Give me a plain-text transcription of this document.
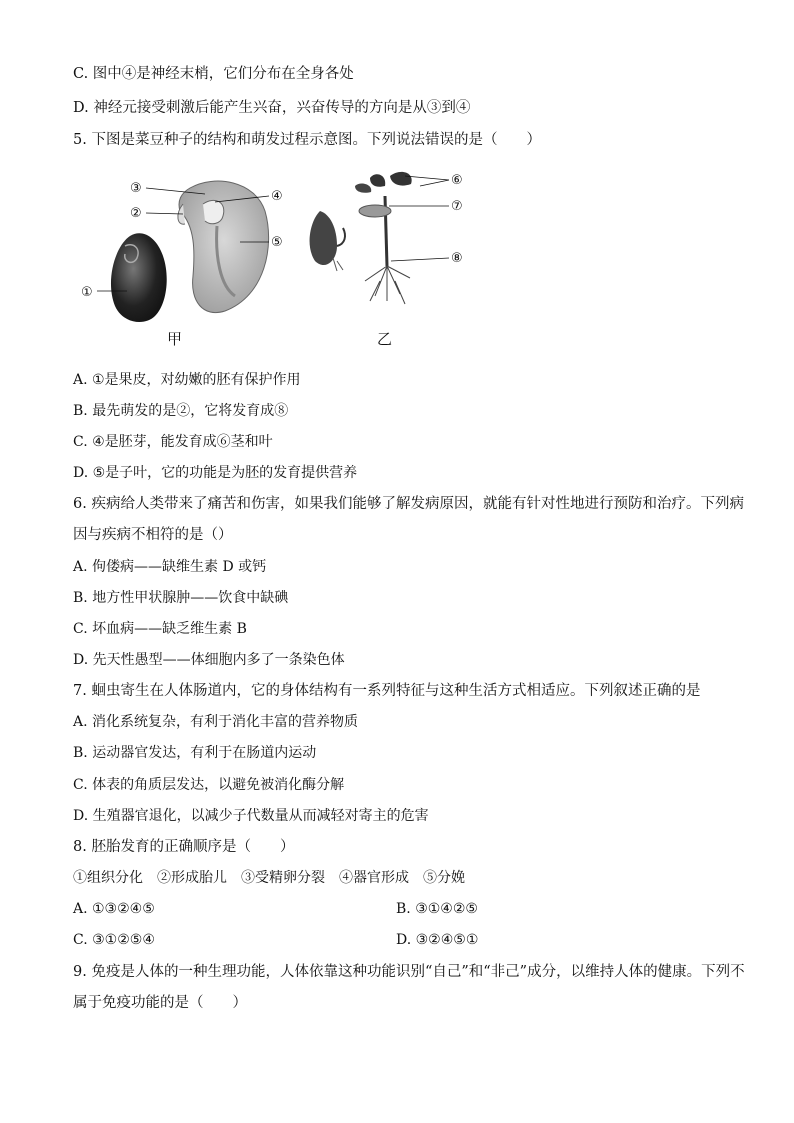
C. 图中④是神经末梢，它们分布在全身各处
D. 神经元接受刺激后能产生兴奋，兴奋传导的方向是从③到④
5. 下图是菜豆种子的结构和萌发过程示意图。下列说法错误的是（　　）
③
②
①
④
⑤
⑥
⑦
⑧
甲	乙
A. ①是果皮，对幼嫩的胚有保护作用
B. 最先萌发的是②，它将发育成⑧
C. ④是胚芽，能发育成⑥茎和叶
D. ⑤是子叶，它的功能是为胚的发育提供营养
6. 疾病给人类带来了痛苦和伤害，如果我们能够了解发病原因，就能有针对性地进行预防和治疗。下列病
因与疾病不相符的是（）
A. 佝偻病——缺维生素 D 或钙
B. 地方性甲状腺肿——饮食中缺碘
C. 坏血病——缺乏维生素 B
D. 先天性愚型——体细胞内多了一条染色体
7. 蛔虫寄生在人体肠道内，它的身体结构有一系列特征与这种生活方式相适应。下列叙述正确的是
A. 消化系统复杂，有利于消化丰富的营养物质
B. 运动器官发达，有利于在肠道内运动
C. 体表的角质层发达，以避免被消化酶分解
D. 生殖器官退化，以减少子代数量从而减轻对寄主的危害
8. 胚胎发育的正确顺序是（　　）
①组织分化　②形成胎儿　③受精卵分裂　④器官形成　⑤分娩
A. ①③②④⑤	B. ③①④②⑤
C. ③①②⑤④	D. ③②④⑤①
9. 免疫是人体的一种生理功能，人体依靠这种功能识别“自己”和“非己”成分，以维持人体的健康。下列不
属于免疫功能的是（　　）
